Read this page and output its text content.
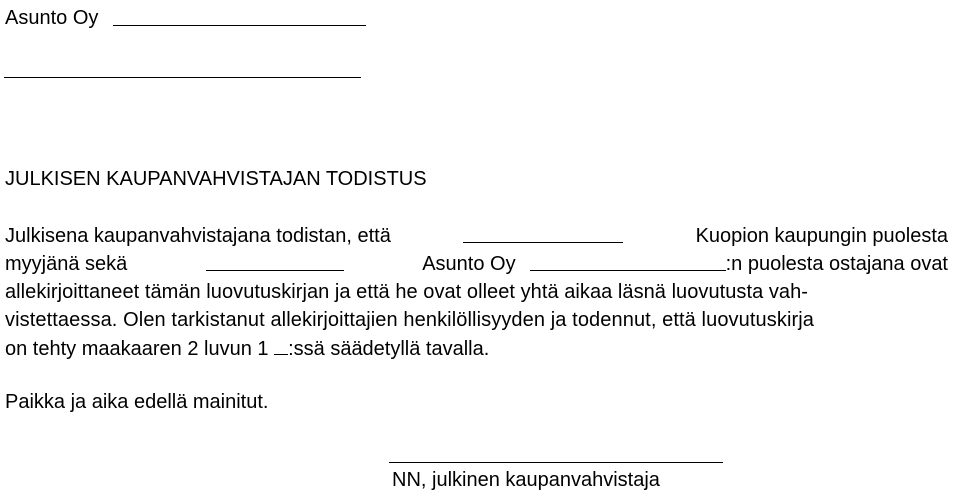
Asunto Oy
JULKISEN KAUPANVAHVISTAJAN TODISTUS
Julkisena kaupanvahvistajana todistan, että	Kuopion kaupungin puolesta
myyjänä sekä	Asunto Oy	:n puolesta ostajana ovat
allekirjoittaneet tämän luovutuskirjan ja että he ovat olleet yhtä aikaa läsnä luovutusta vah-
vistettaessa. Olen tarkistanut allekirjoittajien henkilöllisyyden ja todennut, että luovutuskirja
on tehty maakaaren 2 luvun 1 :ssä säädetyllä tavalla.
Paikka ja aika edellä mainitut.
NN, julkinen kaupanvahvistaja
